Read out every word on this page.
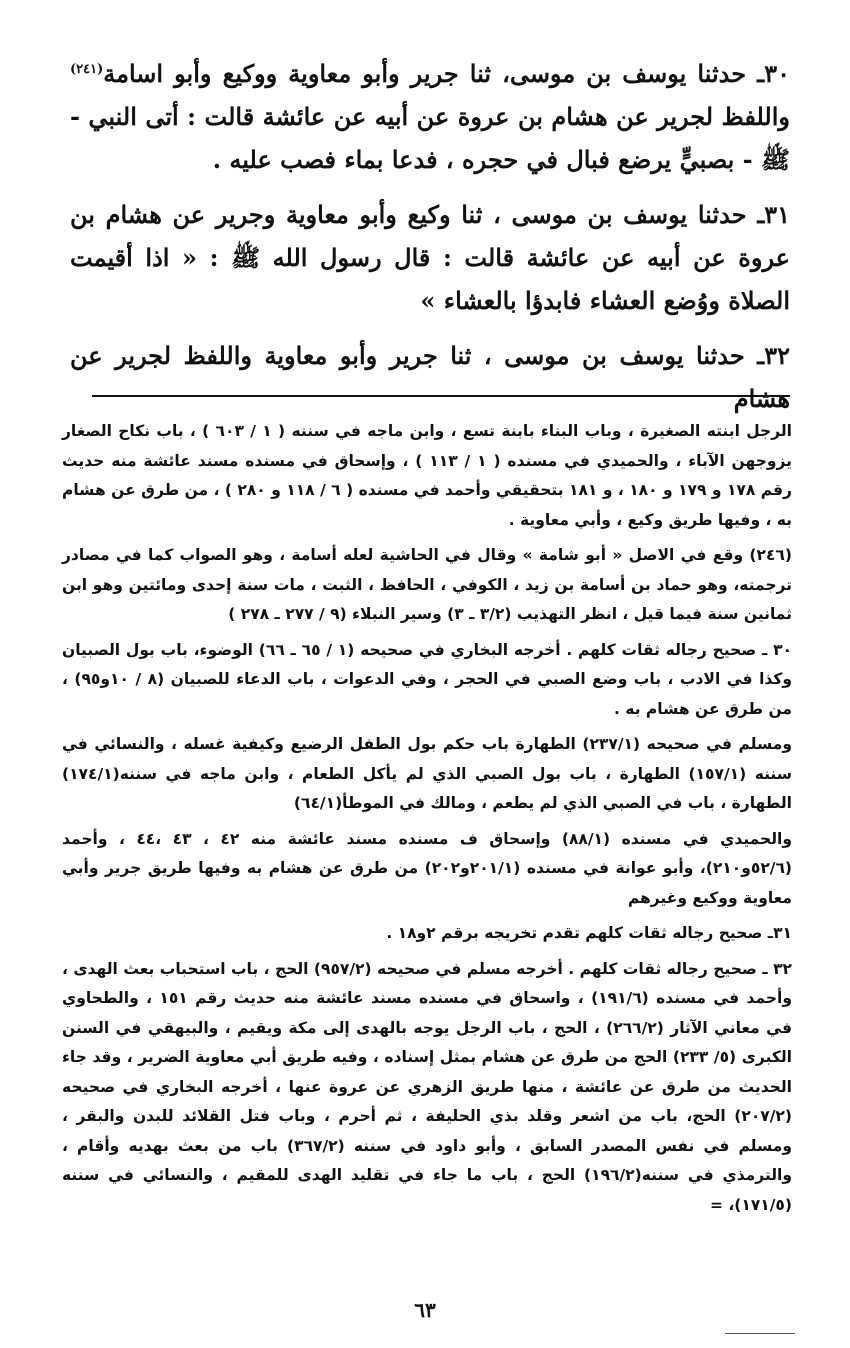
٣٠ـ حدثنا يوسف بن موسى، ثنا جرير وأبو معاوية ووكيع وأبو اسامة$^{(٢٤١)}$ واللفظ لجرير عن هشام بن عروة عن أبيه عن عائشة قالت : أتى النبي - ﷺ - بصبيٍّ يرضع فبال في حجره ، فدعا بماء فصب عليه .

٣١ـ حدثنا يوسف بن موسى ، ثنا وكيع وأبو معاوية وجرير عن هشام بن عروة عن أبيه عن عائشة قالت : قال رسول الله ﷺ : « اذا أقيمت الصلاة ووُضع العشاء فابدؤا بالعشاء »

٣٢ـ حدثنا يوسف بن موسى ، ثنا جرير وأبو معاوية واللفظ لجرير عن هشام

الرجل ابنته الصغيرة ، وباب البناء بابنة تسع ، وابن ماجه في سننه ( ١ / ٦٠٣ ) ، باب نكاح الصغار يزوجهن الآباء ، والحميدي في مسنده ( ١ / ١١٣ ) ، وإسحاق في مسنده مسند عائشة منه حديث رقم ١٧٨ و ١٧٩ و ١٨٠ ، و ١٨١ بتحقيقي وأحمد في مسنده ( ٦ / ١١٨ و ٢٨٠ ) ، من طرق عن هشام به ، وفيها طريق وكيع ، وأبي معاوية .

(٢٤٦) وقع في الاصل « أبو شامة » وقال في الحاشية لعله أسامة ، وهو الصواب كما في مصادر ترجمته، وهو حماد بن أسامة بن زيد ، الكوفي ، الحافظ ، الثبت ، مات سنة إحدى ومائتين وهو ابن ثمانين سنة فيما قيل ، انظر التهذيب (٣/٢ ـ ٣) وسير النبلاء (٩ / ٢٧٧ ـ ٢٧٨ )

٣٠ ـ صحيح رجاله ثقات كلهم . أخرجه البخاري في صحيحه (١ / ٦٥ ـ ٦٦) الوضوء، باب بول الصبيان وكذا في الادب ، باب وضع الصبي في الحجر ، وفي الدعوات ، باب الدعاء للصبيان (٨ / ١٠و٩٥) ، من طرق عن هشام به .

ومسلم في صحيحه (٢٣٧/١) الطهارة باب حكم بول الطفل الرضيع وكيفية غسله ، والنسائي في سننه (١٥٧/١) الطهارة ، باب بول الصبي الذي لم يأكل الطعام ، وابن ماجه في سننه(١٧٤/١) الطهارة ، باب في الصبي الذي لم يطعم ، ومالك في الموطأ(٦٤/١)

والحميدي في مسنده (٨٨/١) وإسحاق ف مسنده مسند عائشة منه ٤٢ ، ٤٣ ،٤٤ ، وأحمد (٥٢/٦و٢١٠)، وأبو عوانة في مسنده (٢٠١/١و٢٠٢) من طرق عن هشام به وفيها طريق جرير وأبي معاوية ووكيع وغيرهم

٣١ـ صحيح رجاله ثقات كلهم تقدم تخريجه برقم ٢و١٨ .

٣٢ ـ صحيح رجاله ثقات كلهم . أخرجه مسلم في صحيحه (٩٥٧/٢) الحج ، باب استحباب بعث الهدى ، وأحمد في مسنده (١٩١/٦) ، واسحاق في مسنده مسند عائشة منه حديث رقم ١٥١ ، والطحاوي في معاني الآثار (٢٦٦/٢) ، الحج ، باب الرجل يوجه بالهدى إلى مكة ويقيم ، والبيهقي في السنن الكبرى (٥/ ٢٣٣) الحج من طرق عن هشام بمثل إسناده ، وفيه طريق أبي معاوية الضرير ، وقد جاء الحديث من طرق عن عائشة ، منها طريق الزهري عن عروة عنها ، أخرجه البخاري في صحيحه (٢٠٧/٢) الحج، باب من اشعر وقلد بذي الحليفة ، ثم أحرم ، وباب فتل القلائد للبدن والبقر ، ومسلم في نفس المصدر السابق ، وأبو داود في سننه (٣٦٧/٢) باب من بعث بهديه وأقام ، والترمذي في سننه(١٩٦/٢) الحج ، باب ما جاء في تقليد الهدى للمقيم ، والنسائي في سننه (١٧١/٥)، =

٦٣
